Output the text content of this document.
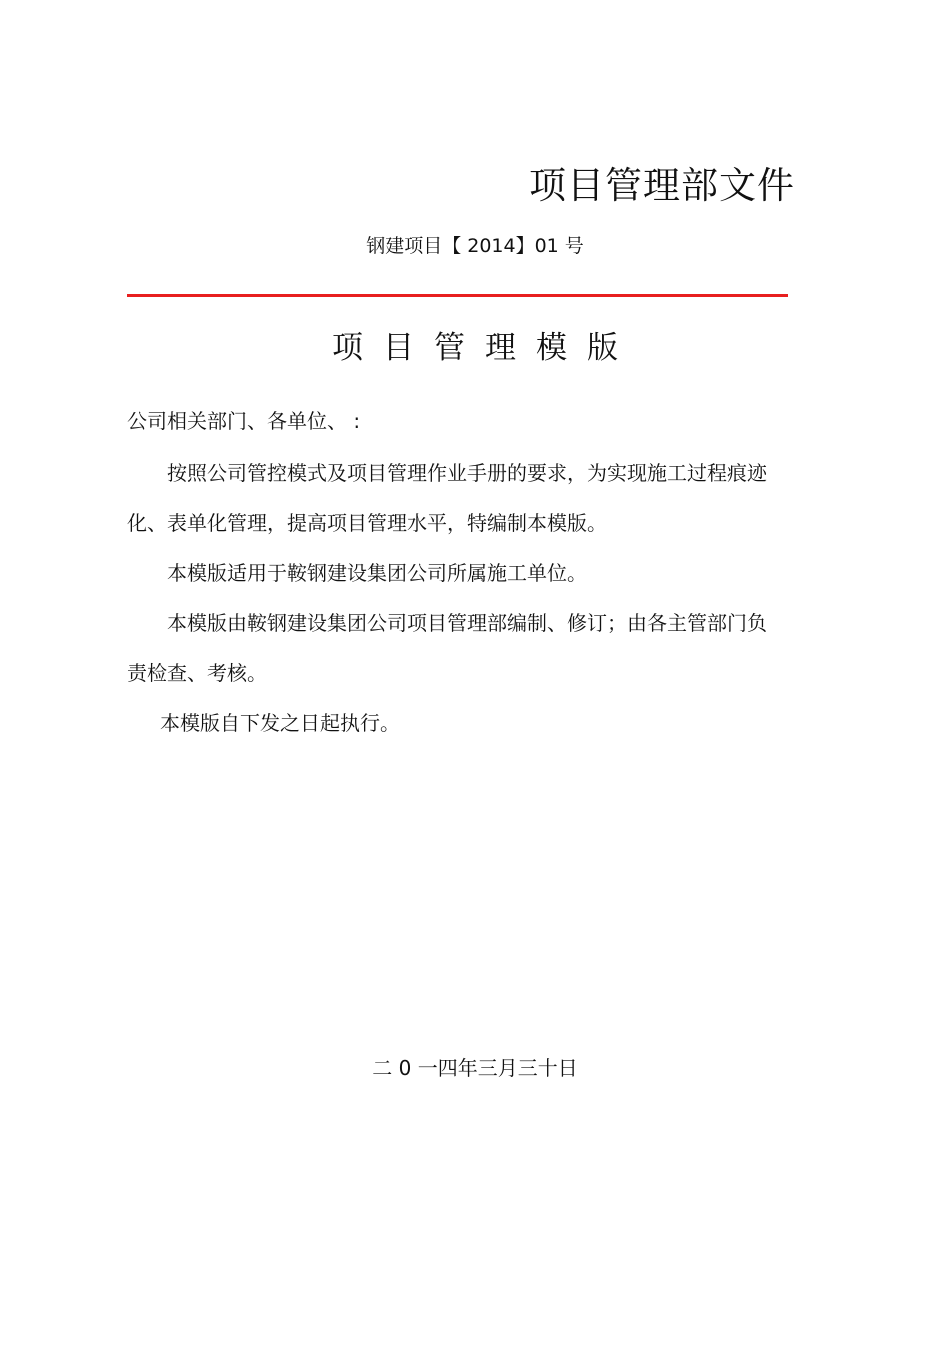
项目管理部文件
钢建项目【 2014】01 号
项目管理模版
公司相关部门、各单位、 :

按照公司管控模式及项目管理作业手册的要求，为实现施工过程痕迹化、表单化管理，提高项目管理水平，特编制本模版。

本模版适用于鞍钢建设集团公司所属施工单位。

本模版由鞍钢建设集团公司项目管理部编制、修订；由各主管部门负责检查、考核。

本模版自下发之日起执行。

二 0 一四年三月三十日
